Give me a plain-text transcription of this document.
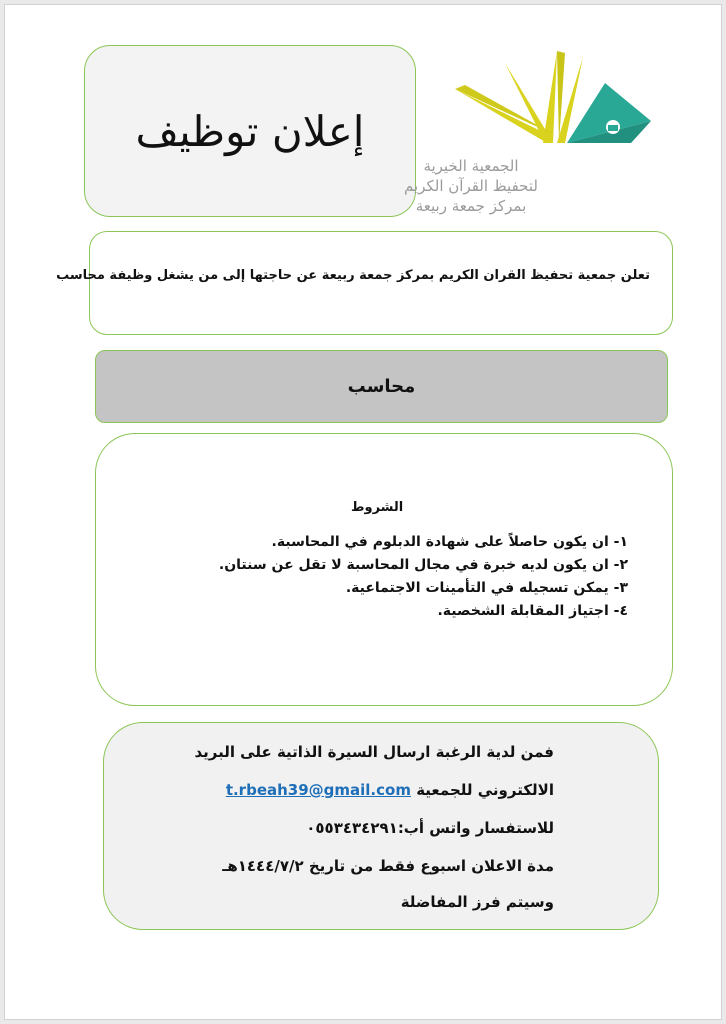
إعلان توظيف
الجمعية الخيرية
لتحفيظ القرآن الكريم
بمركز جمعة ربيعة
تعلن جمعية تحفيظ القران الكريم بمركز جمعة ربيعة عن حاجتها إلى من يشغل وظيفة محاسب
محاسب
الشروط
١- ان يكون حاصلاً على شهادة الدبلوم في المحاسبة.
٢- ان يكون لديه خبرة في مجال المحاسبة لا تقل عن سنتان.
٣- يمكن تسجيله في التأمينات الاجتماعية.
٤- اجتياز المقابلة الشخصية.
فمن لدية الرغبة ارسال السيرة الذاتية على البريد
الالكتروني للجمعية t.rbeah39@gmail.com
للاستفسار واتس أب:٠٥٥٣٤٣٤٢٩١
مدة الاعلان اسبوع فقط من تاريخ ١٤٤٤/٧/٢هـ
وسيتم فرز المفاضلة
